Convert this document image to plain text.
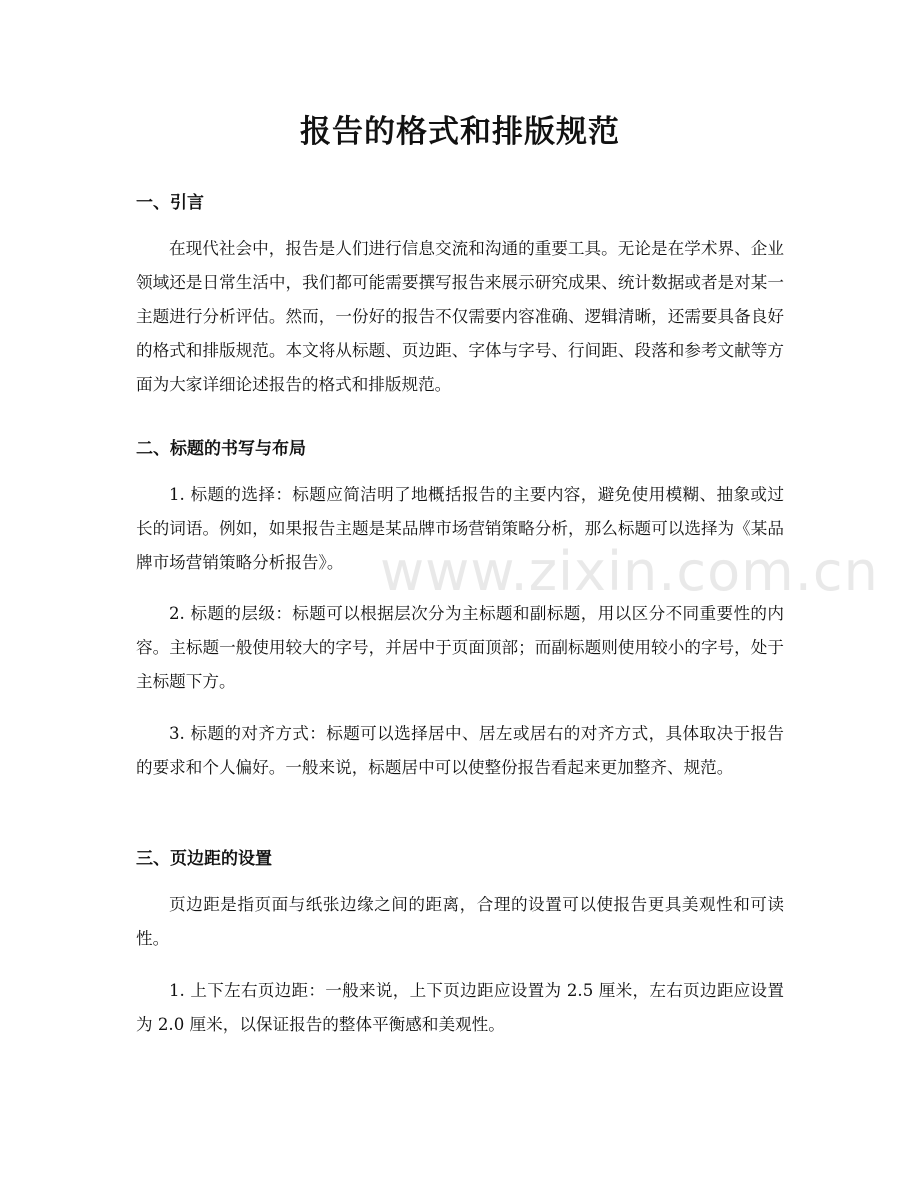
报告的格式和排版规范
一、引言

在现代社会中，报告是人们进行信息交流和沟通的重要工具。无论是在学术界、企业领域还是日常生活中，我们都可能需要撰写报告来展示研究成果、统计数据或者是对某一主题进行分析评估。然而，一份好的报告不仅需要内容准确、逻辑清晰，还需要具备良好的格式和排版规范。本文将从标题、页边距、字体与字号、行间距、段落和参考文献等方面为大家详细论述报告的格式和排版规范。

二、标题的书写与布局

1. 标题的选择：标题应简洁明了地概括报告的主要内容，避免使用模糊、抽象或过长的词语。例如，如果报告主题是某品牌市场营销策略分析，那么标题可以选择为《某品牌市场营销策略分析报告》。

2. 标题的层级：标题可以根据层次分为主标题和副标题，用以区分不同重要性的内容。主标题一般使用较大的字号，并居中于页面顶部；而副标题则使用较小的字号，处于主标题下方。

3. 标题的对齐方式：标题可以选择居中、居左或居右的对齐方式，具体取决于报告的要求和个人偏好。一般来说，标题居中可以使整份报告看起来更加整齐、规范。

三、页边距的设置

页边距是指页面与纸张边缘之间的距离，合理的设置可以使报告更具美观性和可读性。

1. 上下左右页边距：一般来说，上下页边距应设置为 2.5 厘米，左右页边距应设置为 2.0 厘米，以保证报告的整体平衡感和美观性。

www.zixin.com.cn
